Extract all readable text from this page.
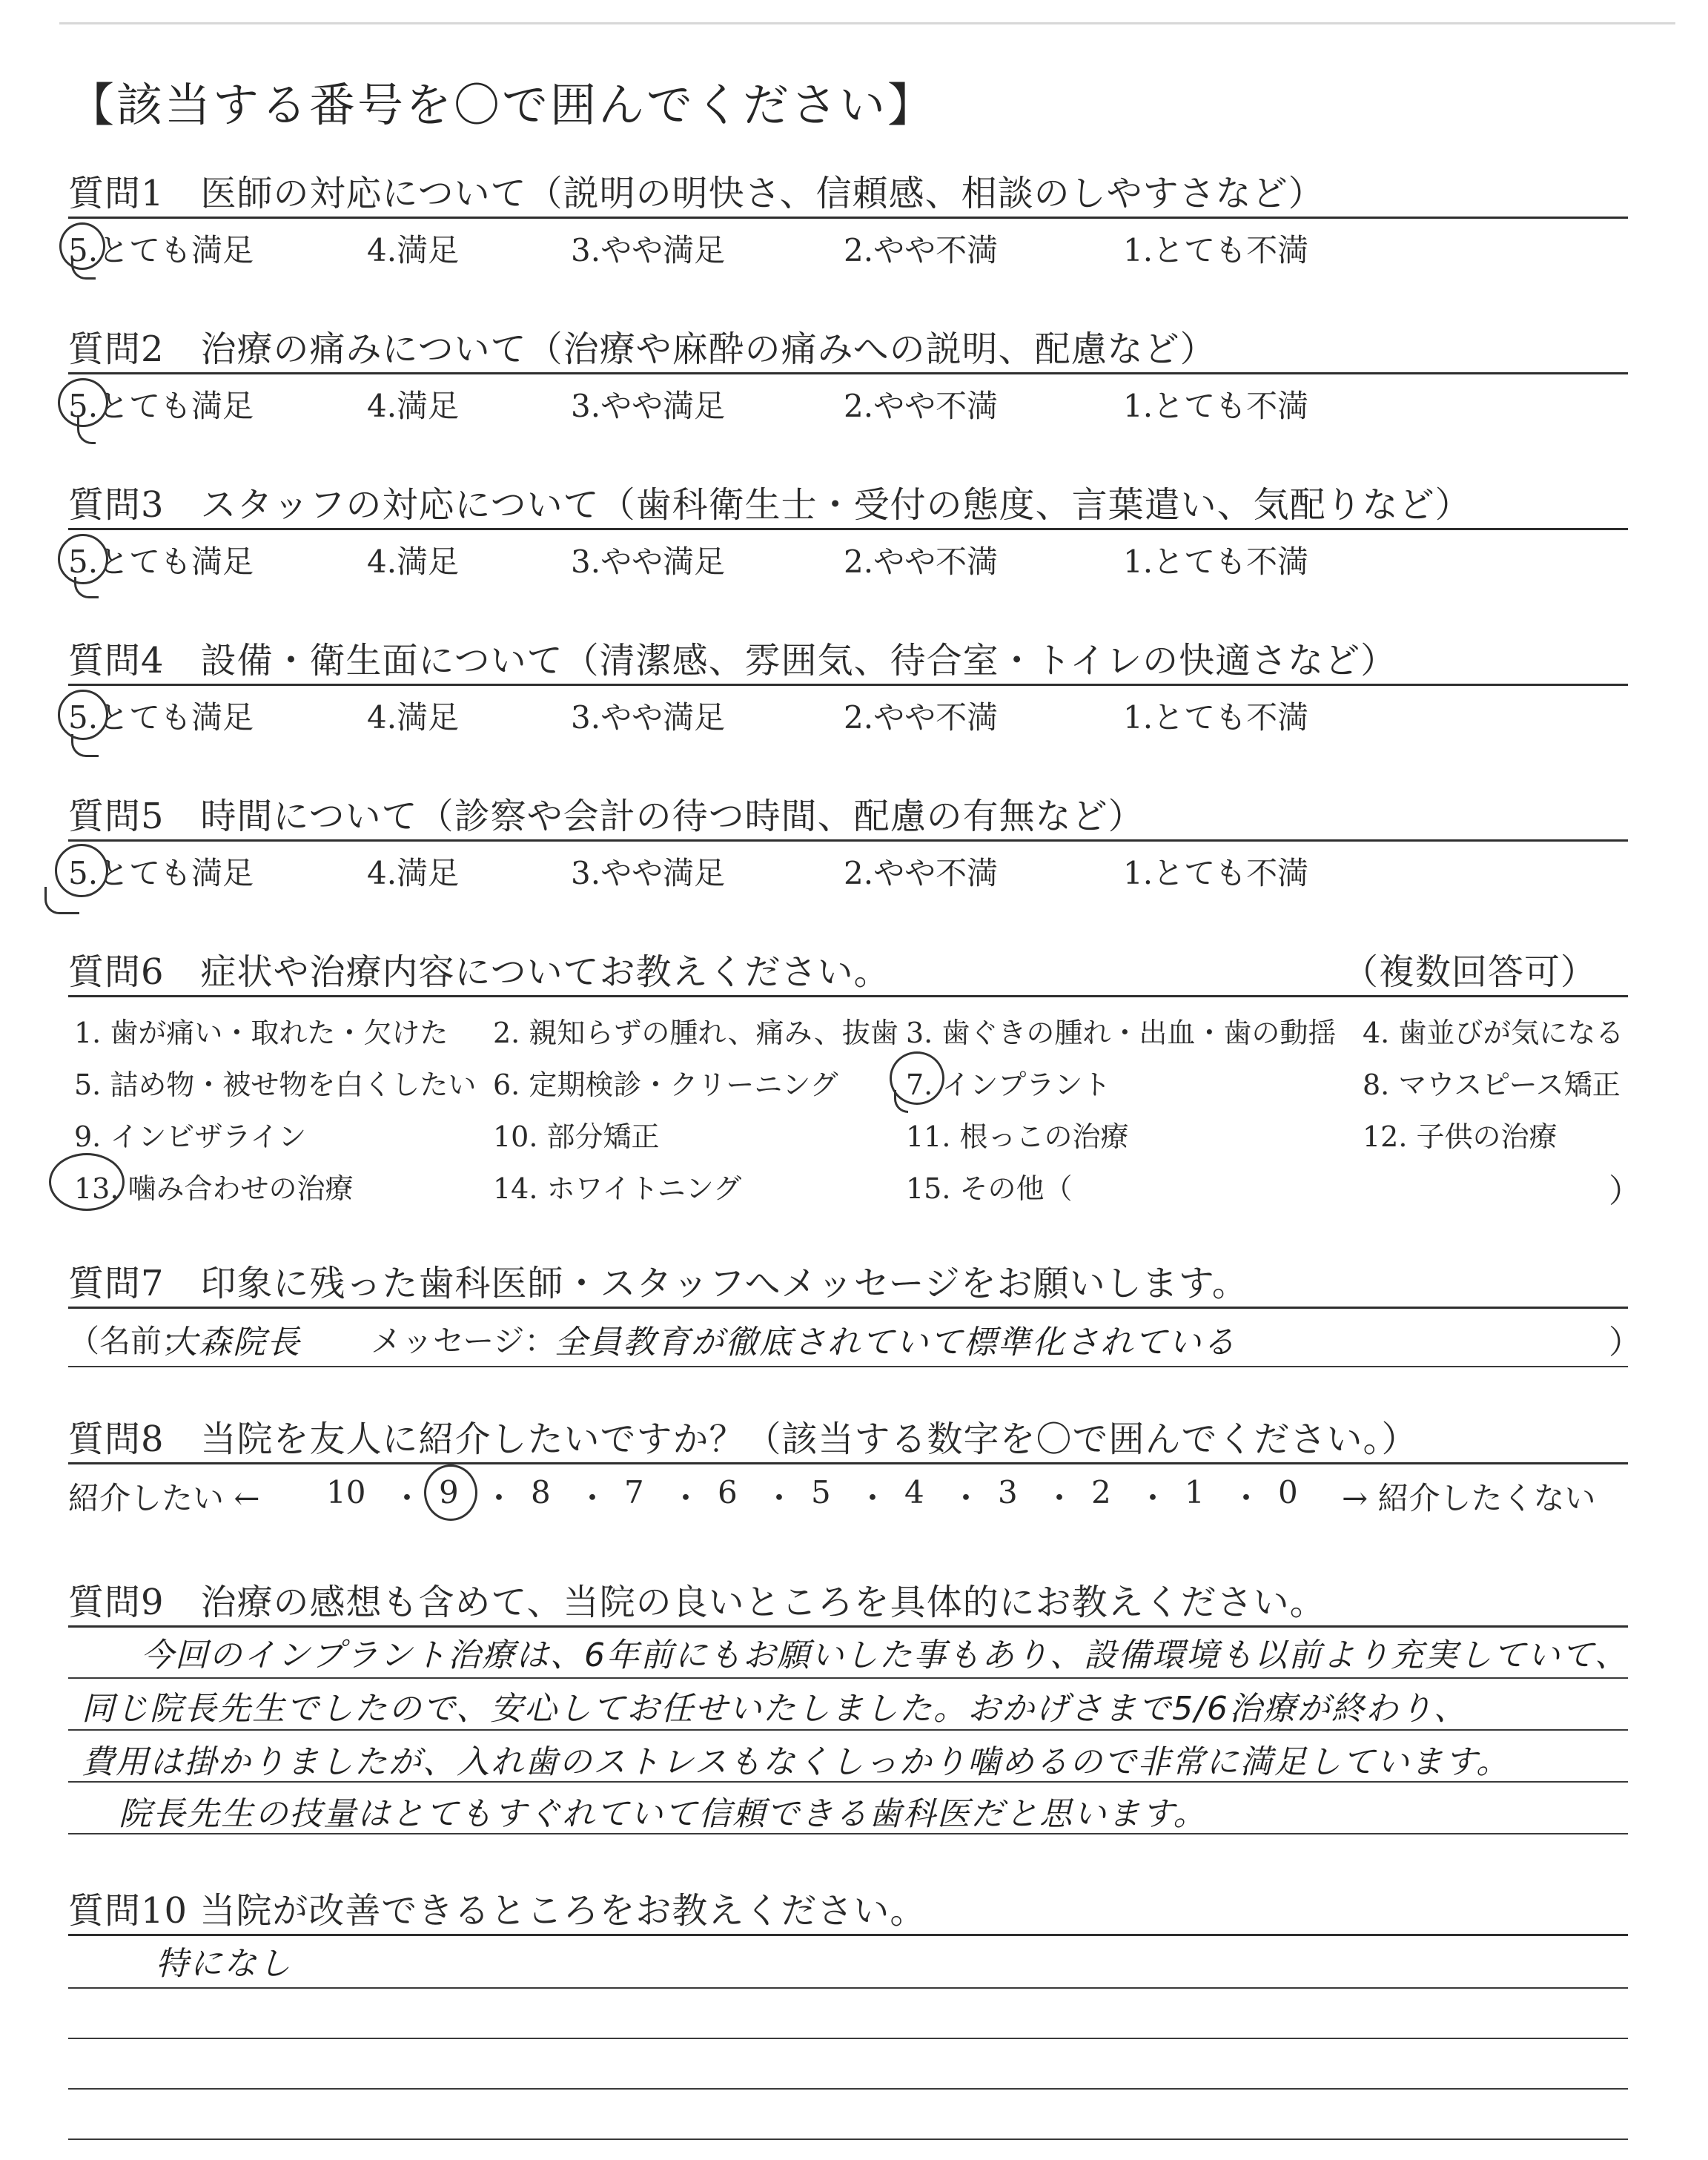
【該当する番号を〇で囲んでください】
質問1　医師の対応について（説明の明快さ、信頼感、相談のしやすさなど）
5.とても満足	4.満足	3.やや満足	2.やや不満	1.とても不満
質問2　治療の痛みについて（治療や麻酔の痛みへの説明、配慮など）
5.とても満足	4.満足	3.やや満足	2.やや不満	1.とても不満
質問3　スタッフの対応について（歯科衛生士・受付の態度、言葉遣い、気配りなど）
5.とても満足	4.満足	3.やや満足	2.やや不満	1.とても不満
質問4　設備・衛生面について（清潔感、雰囲気、待合室・トイレの快適さなど）
5.とても満足	4.満足	3.やや満足	2.やや不満	1.とても不満
質問5　時間について（診察や会計の待つ時間、配慮の有無など）
5.とても満足	4.満足	3.やや満足	2.やや不満	1.とても不満
質問6　症状や治療内容についてお教えください。	（複数回答可）
1. 歯が痛い・取れた・欠けた 2. 親知らずの腫れ、痛み、抜歯 3. 歯ぐきの腫れ・出血・歯の動揺 4. 歯並びが気になる
5. 詰め物・被せ物を白くしたい 6. 定期検診・クリーニング 7. インプラント	8. マウスピース矯正
9. インビザライン	10. 部分矯正	11. 根っこの治療	12. 子供の治療
13. 噛み合わせの治療	14. ホワイトニング	15. その他（	）
質問7　印象に残った歯科医師・スタッフへメッセージをお願いします。
（名前：
大森院長 メッセージ：
全員教育が徹底されていて標準化されている	）
質問8　当院を友人に紹介したいですか？（該当する数字を〇で囲んでください。）
紹介したい ←	→ 紹介したくない
10 ・ 9 ・ 8 ・ 7 ・ 6 ・ 5 ・ 4 ・ 3 ・ 2 ・ 1 ・ 0
質問9　治療の感想も含めて、当院の良いところを具体的にお教えください。
今回のインプラント治療は、6年前にもお願いした事もあり、設備環境も以前より充実していて、
同じ院長先生でしたので、安心してお任せいたしました。おかげさまで5/6治療が終わり、
費用は掛かりましたが、入れ歯のストレスもなくしっかり噛めるので非常に満足しています。
院長先生の技量はとてもすぐれていて信頼できる歯科医だと思います。
質問10 当院が改善できるところをお教えください。
特になし
